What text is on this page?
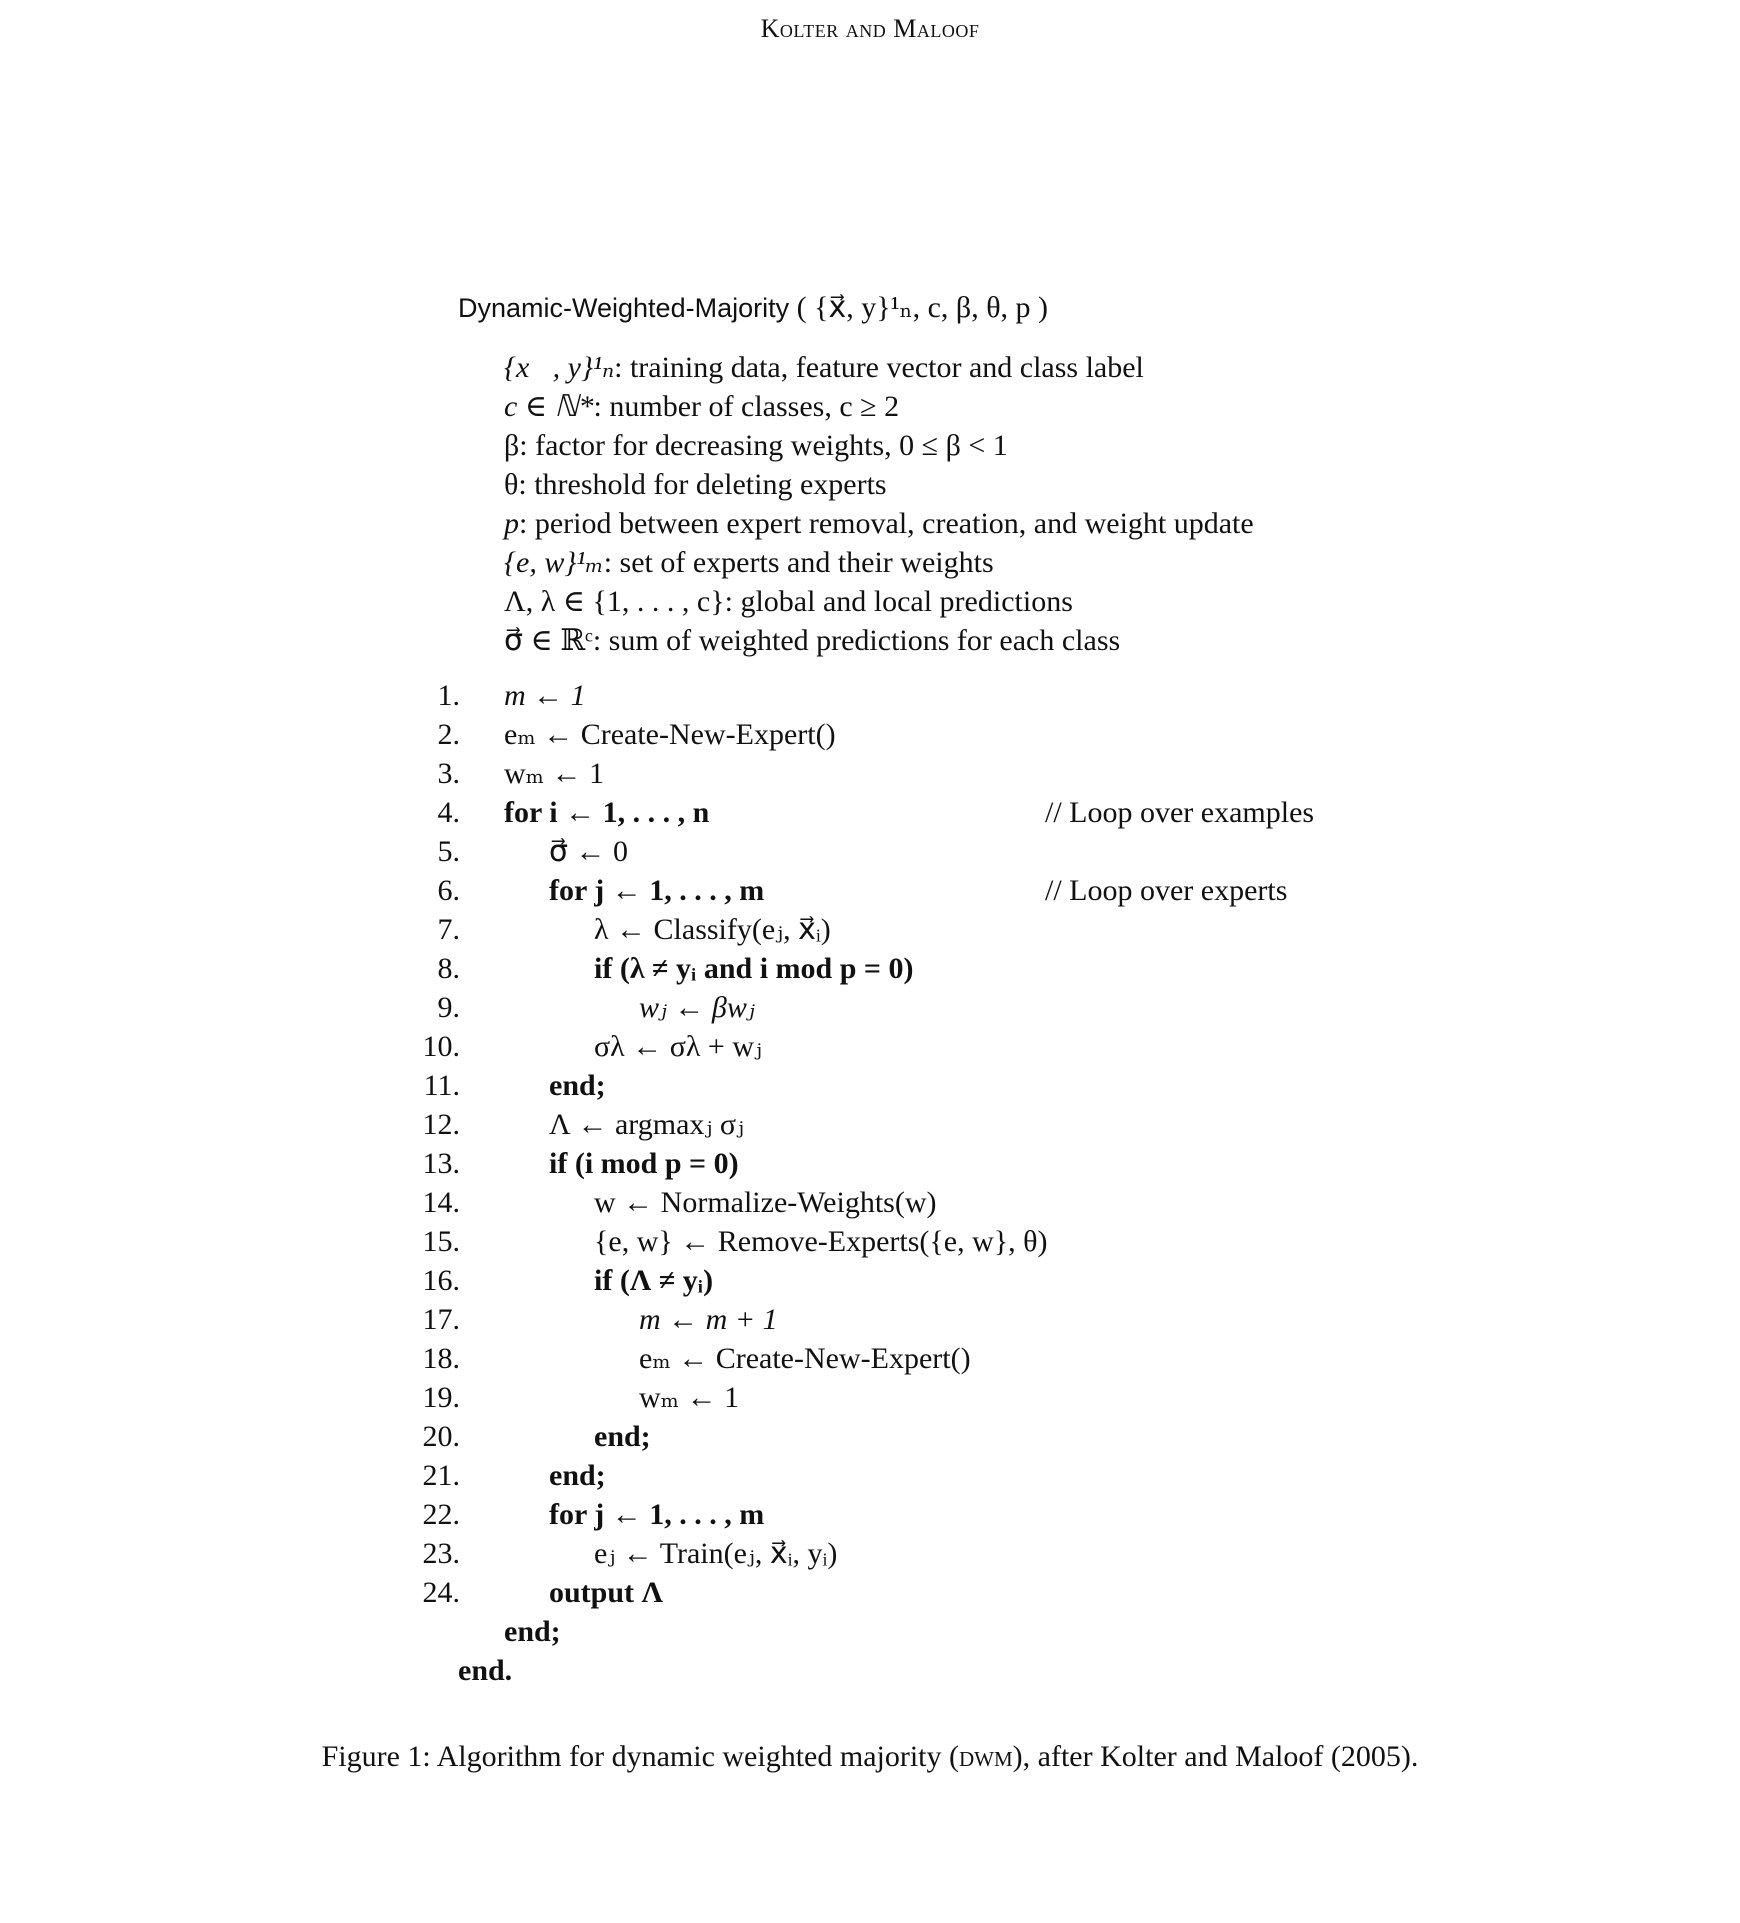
Kolter and Maloof
Dynamic-Weighted-Majority ( {x⃗, y}¹ₙ, c, β, θ, p )
{x⃗, y}¹ₙ: training data, feature vector and class label
c ∈ ℕ*: number of classes, c ≥ 2
β: factor for decreasing weights, 0 ≤ β < 1
θ: threshold for deleting experts
p: period between expert removal, creation, and weight update
{e, w}¹ₘ: set of experts and their weights
Λ, λ ∈ {1, . . . , c}: global and local predictions
σ⃗ ∈ ℝᶜ: sum of weighted predictions for each class
1. m ← 1
2. eₘ ← Create-New-Expert()
3. wₘ ← 1
4. for i ← 1, . . . , n	// Loop over examples
5.	σ⃗ ← 0
6.	for j ← 1, . . . , m	// Loop over experts
7.	λ ← Classify(eⱼ, x⃗ᵢ)
8.	if (λ ≠ yᵢ and i mod p = 0)
9.	wⱼ ← βwⱼ
10.	σλ ← σλ + wⱼ
11.	end;
12.	Λ ← argmaxⱼ σⱼ
13.	if (i mod p = 0)
14.	w ← Normalize-Weights(w)
15.	{e, w} ← Remove-Experts({e, w}, θ)
16.	if (Λ ≠ yᵢ)
17.	m ← m + 1
18.	eₘ ← Create-New-Expert()
19.	wₘ ← 1
20.	end;
21.	end;
22.	for j ← 1, . . . , m
23.	eⱼ ← Train(eⱼ, x⃗ᵢ, yᵢ)
24.	output Λ
end;
end.
Figure 1: Algorithm for dynamic weighted majority (dwm), after Kolter and Maloof (2005).
